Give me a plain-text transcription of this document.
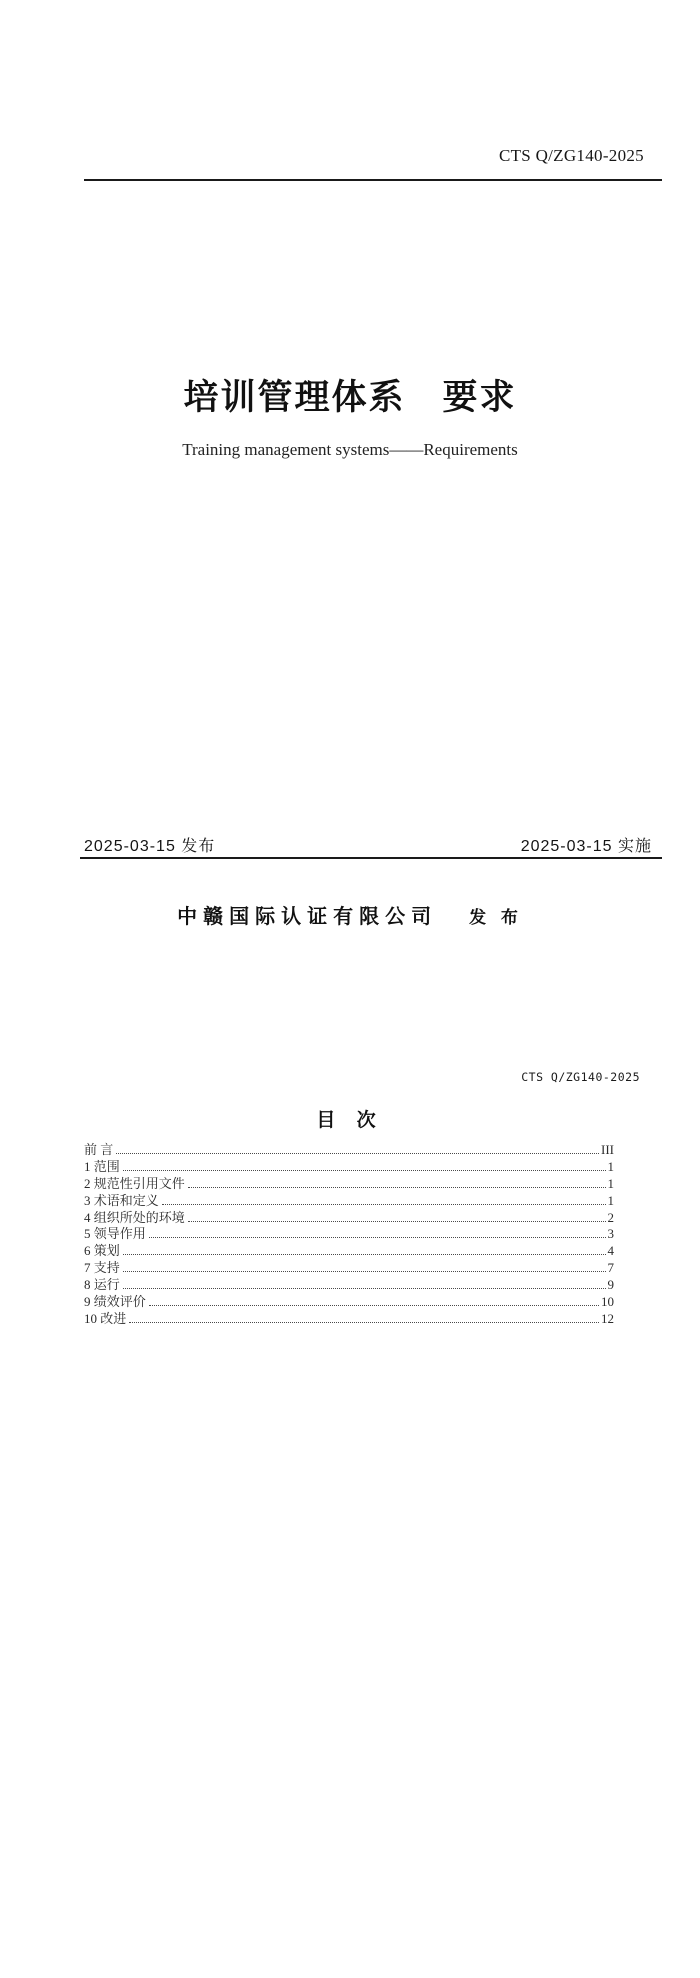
CTS Q/ZG140-2025
培训管理体系　要求
Training management systems——Requirements
2025-03-15 发布	2025-03-15 实施
中赣国际认证有限公司 发 布
CTS Q/ZG140-2025
目 次
前 言	III
1 范围	1
2 规范性引用文件	1
3 术语和定义	1
4 组织所处的环境	2
5 领导作用	3
6 策划	4
7 支持	7
8 运行	9
9 绩效评价	10
10 改进	12
